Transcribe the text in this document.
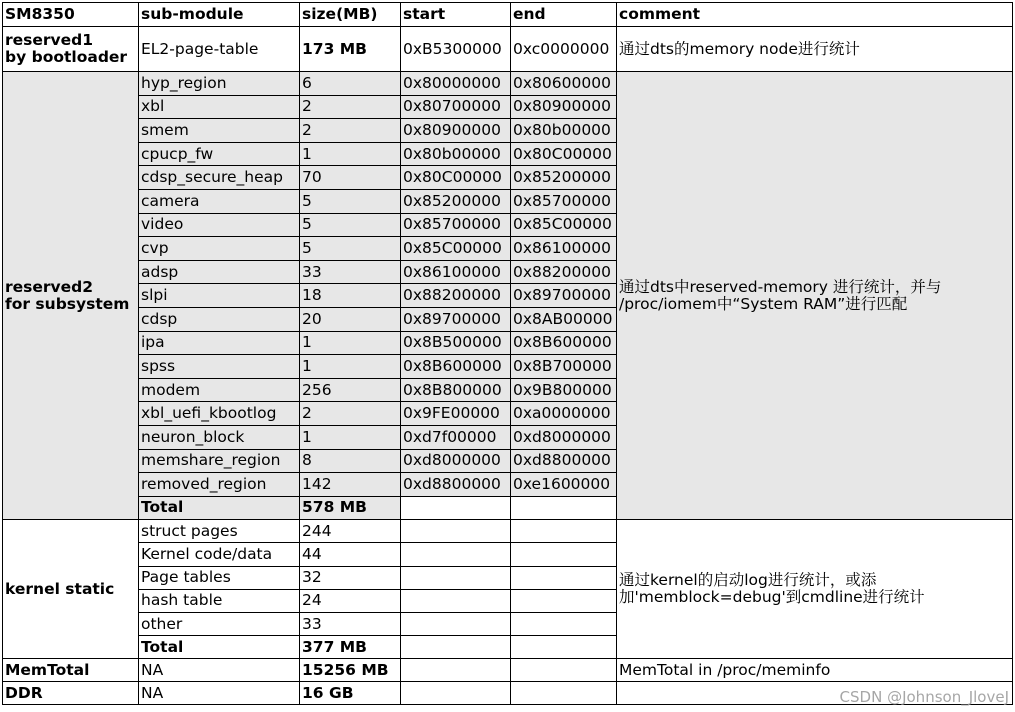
SM8350	sub-module	size(MB)	start	end	comment
reserved1
by bootloader	EL2-page-table	173 MB	0xB5300000	0xc0000000	通过dts的memory node进行统计
reserved2
for subsystem	hyp_region	6	0x80000000	0x80600000	通过dts中reserved-memory 进行统计，并与
/proc/iomem中“System RAM”进行匹配
	xbl	2	0x80700000	0x80900000	
	smem	2	0x80900000	0x80b00000	
	cpucp_fw	1	0x80b00000	0x80C00000	
	cdsp_secure_heap	70	0x80C00000	0x85200000	
	camera	5	0x85200000	0x85700000	
	video	5	0x85700000	0x85C00000	
	cvp	5	0x85C00000	0x86100000	
	adsp	33	0x86100000	0x88200000	
	slpi	18	0x88200000	0x89700000	
	cdsp	20	0x89700000	0x8AB00000	
	ipa	1	0x8B500000	0x8B600000	
	spss	1	0x8B600000	0x8B700000	
	modem	256	0x8B800000	0x9B800000	
	xbl_uefi_kbootlog	2	0x9FE00000	0xa0000000	
	neuron_block	1	0xd7f00000	0xd8000000	
	memshare_region	8	0xd8000000	0xd8800000	
	removed_region	142	0xd8800000	0xe1600000	
	Total	578 MB			
kernel static	struct pages	244			通过kernel的启动log进行统计，或添
加'memblock=debug'到cmdline进行统计
	Kernel code/data	44			
	Page tables	32			
	hash table	24			
	other	33			
	Total	377 MB			
MemTotal	NA	15256 MB			MemTotal in /proc/meminfo
DDR	NA	16 GB				CSDN @Johnson_JloveJ
